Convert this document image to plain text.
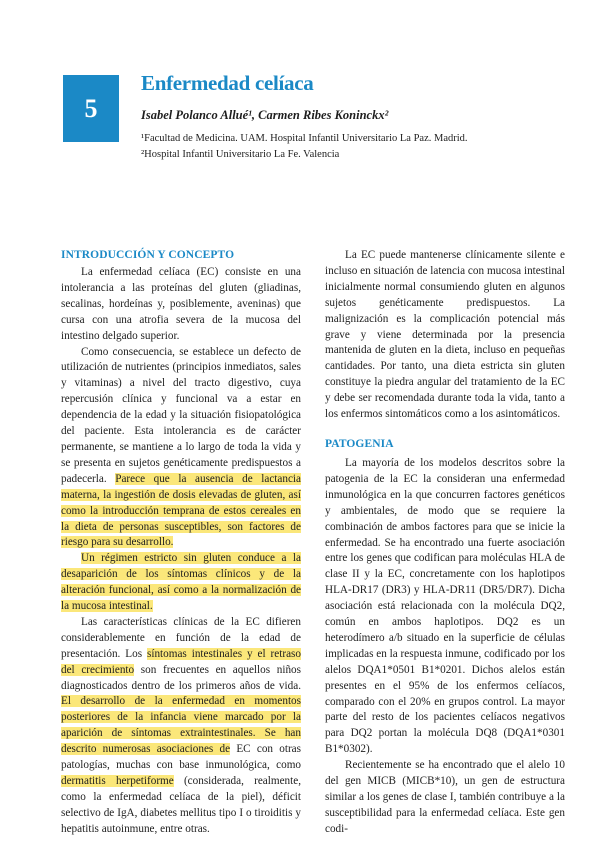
5
Enfermedad celíaca
Isabel Polanco Allué¹, Carmen Ribes Koninckx²
¹Facultad de Medicina. UAM. Hospital Infantil Universitario La Paz. Madrid.
²Hospital Infantil Universitario La Fe. Valencia
INTRODUCCIÓN Y CONCEPTO

La enfermedad celíaca (EC) consiste en una intolerancia a las proteínas del gluten (gliadinas, secalinas, hordeínas y, posiblemente, aveninas) que cursa con una atrofia severa de la mucosa del intestino delgado superior.

Como consecuencia, se establece un defecto de utilización de nutrientes (principios inmediatos, sales y vitaminas) a nivel del tracto digestivo, cuya repercusión clínica y funcional va a estar en dependencia de la edad y la situación fisiopatológica del paciente. Esta intolerancia es de carácter permanente, se mantiene a lo largo de toda la vida y se presenta en sujetos genéticamente predispuestos a padecerla. Parece que la ausencia de lactancia materna, la ingestión de dosis elevadas de gluten, así como la introducción temprana de estos cereales en la dieta de personas susceptibles, son factores de riesgo para su desarrollo.

Un régimen estricto sin gluten conduce a la desaparición de los síntomas clínicos y de la alteración funcional, así como a la normalización de la mucosa intestinal.

Las características clínicas de la EC difieren considerablemente en función de la edad de presentación. Los síntomas intestinales y el retraso del crecimiento son frecuentes en aquellos niños diagnosticados dentro de los primeros años de vida. El desarrollo de la enfermedad en momentos posteriores de la infancia viene marcado por la aparición de síntomas extraintestinales. Se han descrito numerosas asociaciones de EC con otras patologías, muchas con base inmunológica, como dermatitis herpetiforme (considerada, realmente, como la enfermedad celíaca de la piel), déficit selectivo de IgA, diabetes mellitus tipo I o tiroiditis y hepatitis autoinmune, entre otras.

La EC puede mantenerse clínicamente silente e incluso en situación de latencia con mucosa intestinal inicialmente normal consumiendo gluten en algunos sujetos genéticamente predispuestos. La malignización es la complicación potencial más grave y viene determinada por la presencia mantenida de gluten en la dieta, incluso en pequeñas cantidades. Por tanto, una dieta estricta sin gluten constituye la piedra angular del tratamiento de la EC y debe ser recomendada durante toda la vida, tanto a los enfermos sintomáticos como a los asintomáticos.

PATOGENIA

La mayoría de los modelos descritos sobre la patogenia de la EC la consideran una enfermedad inmunológica en la que concurren factores genéticos y ambientales, de modo que se requiere la combinación de ambos factores para que se inicie la enfermedad. Se ha encontrado una fuerte asociación entre los genes que codifican para moléculas HLA de clase II y la EC, concretamente con los haplotipos HLA-DR17 (DR3) y HLA-DR11 (DR5/DR7). Dicha asociación está relacionada con la molécula DQ2, común en ambos haplotipos. DQ2 es un heterodímero a/b situado en la superficie de células implicadas en la respuesta inmune, codificado por los alelos DQA1*0501 B1*0201. Dichos alelos están presentes en el 95% de los enfermos celíacos, comparado con el 20% en grupos control. La mayor parte del resto de los pacientes celíacos negativos para DQ2 portan la molécula DQ8 (DQA1*0301 B1*0302).

Recientemente se ha encontrado que el alelo 10 del gen MICB (MICB*10), un gen de estructura similar a los genes de clase I, también contribuye a la susceptibilidad para la enfermedad celíaca. Este gen codi-
